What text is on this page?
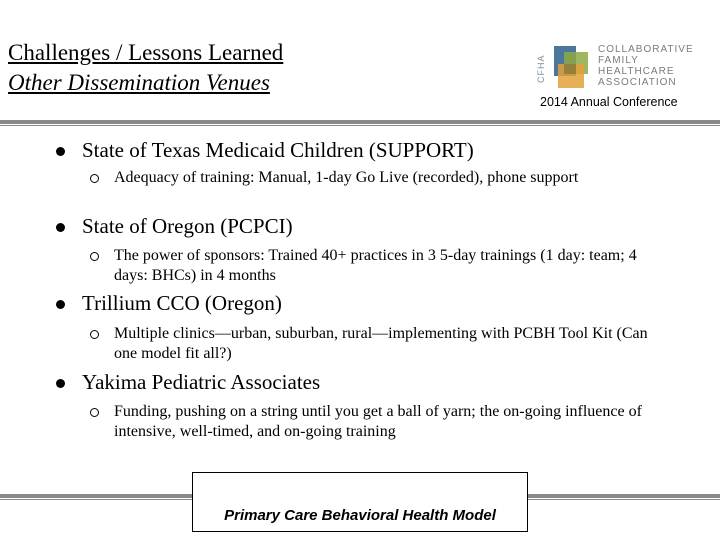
Challenges / Lessons Learned
Other Dissemination Venues	CFHA
COLLABORATIVE
FAMILY HEALTHCARE
ASSOCIATION
2014 Annual Conference
State of Texas Medicaid Children (SUPPORT)
Adequacy of training: Manual, 1-day Go Live (recorded), phone support
State of Oregon (PCPCI)
The power of sponsors: Trained 40+ practices in 3 5-day trainings (1 day: team; 4 days: BHCs) in 4 months
Trillium CCO (Oregon)
Multiple clinics—urban, suburban, rural—implementing with PCBH Tool Kit (Can one model fit all?)
Yakima Pediatric Associates
Funding, pushing on a string until you get a ball of yarn; the on-going influence of intensive, well-timed, and on-going training
Primary Care Behavioral Health Model
